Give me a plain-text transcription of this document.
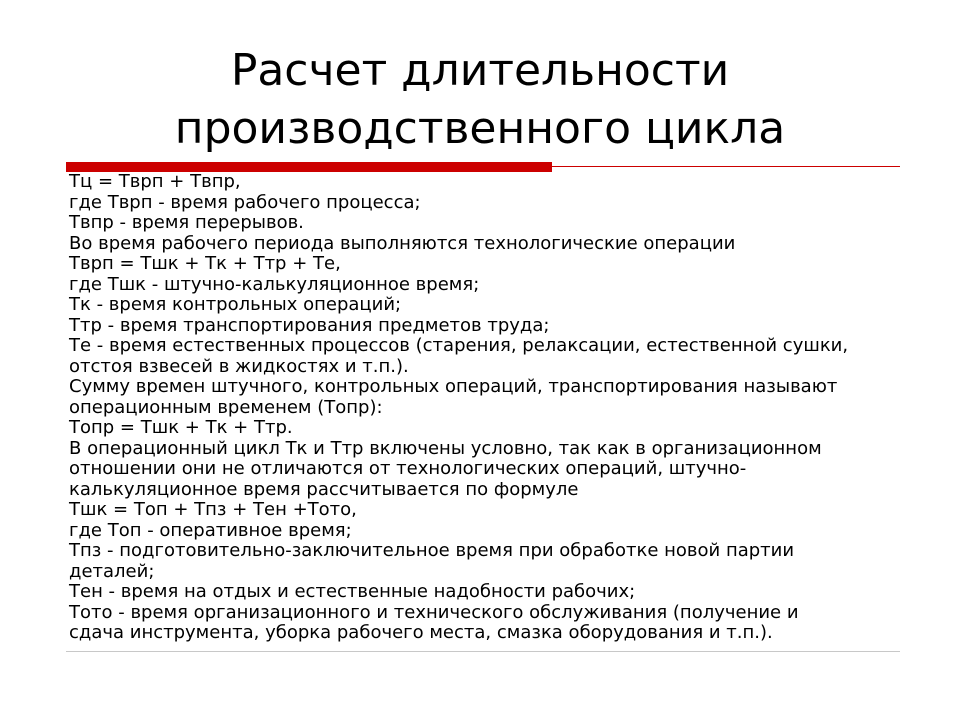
Расчет длительности
производственного цикла
Тц = Тврп + Твпр,
где Тврп - время рабочего процесса;
Твпр - время перерывов.
Во время рабочего периода выполняются технологические операции
Тврп = Тшк + Тк + Ттр + Те,
где Тшк - штучно-калькуляционное время;
Тк - время контрольных операций;
Ттр - время транспортирования предметов труда;
Те - время естественных процессов (старения, релаксации, естественной сушки,
отстоя взвесей в жидкостях и т.п.).
Сумму времен штучного, контрольных операций, транспортирования называют
операционным временем (Топр):
Топр = Тшк + Тк + Ттр.
В операционный цикл Тк и Ттр включены условно, так как в организационном
отношении они не отличаются от технологических операций, штучно-
калькуляционное время рассчитывается по формуле
Тшк = Топ + Тпз + Тен +Тото,
где Топ - оперативное время;
Тпз - подготовительно-заключительное время при обработке новой партии
деталей;
Тен - время на отдых и естественные надобности рабочих;
Тото - время организационного и технического обслуживания (получение и
сдача инструмента, уборка рабочего места, смазка оборудования и т.п.).
